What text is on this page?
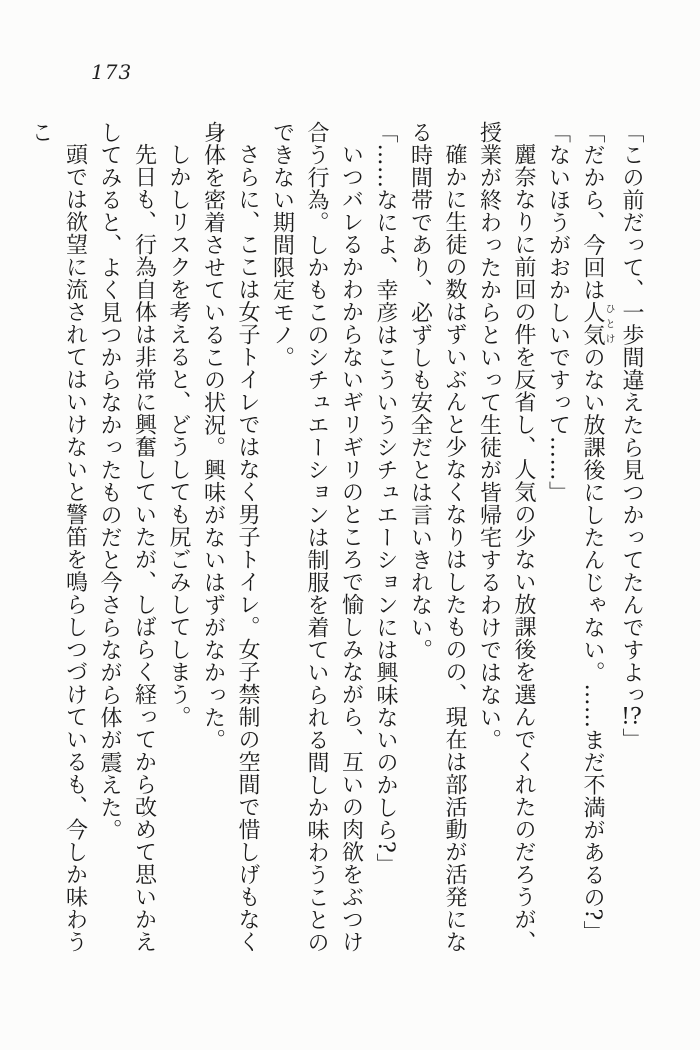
173

「この前だって、一歩間違えたら見つかってたんですよっ!?」

「だから、今回は人気ひとけのない放課後にしたんじゃない。……まだ不満があるの?」

「ないほうがおかしいですって……」

麗奈なりに前回の件を反省し、人気の少ない放課後を選んでくれたのだろうが、授業が終わったからといって生徒が皆帰宅するわけではない。

確かに生徒の数はずいぶんと少なくなりはしたものの、現在は部活動が活発になる時間帯であり、必ずしも安全だとは言いきれない。

「……なによ、幸彦はこういうシチュエーションには興味ないのかしら?」

いつバレるかわからないギリギリのところで愉しみながら、互いの肉欲をぶつけ合う行為。しかもこのシチュエーションは制服を着ていられる間しか味わうことのできない期間限定モノ。

さらに、ここは女子トイレではなく男子トイレ。女子禁制の空間で惜しげもなく身体を密着させているこの状況。興味がないはずがなかった。

しかしリスクを考えると、どうしても尻ごみしてしまう。

先日も、行為自体は非常に興奮していたが、しばらく経ってから改めて思いかえしてみると、よく見つからなかったものだと今さらながら体が震えた。

頭では欲望に流されてはいけないと警笛を鳴らしつづけているも、今しか味わうこ
